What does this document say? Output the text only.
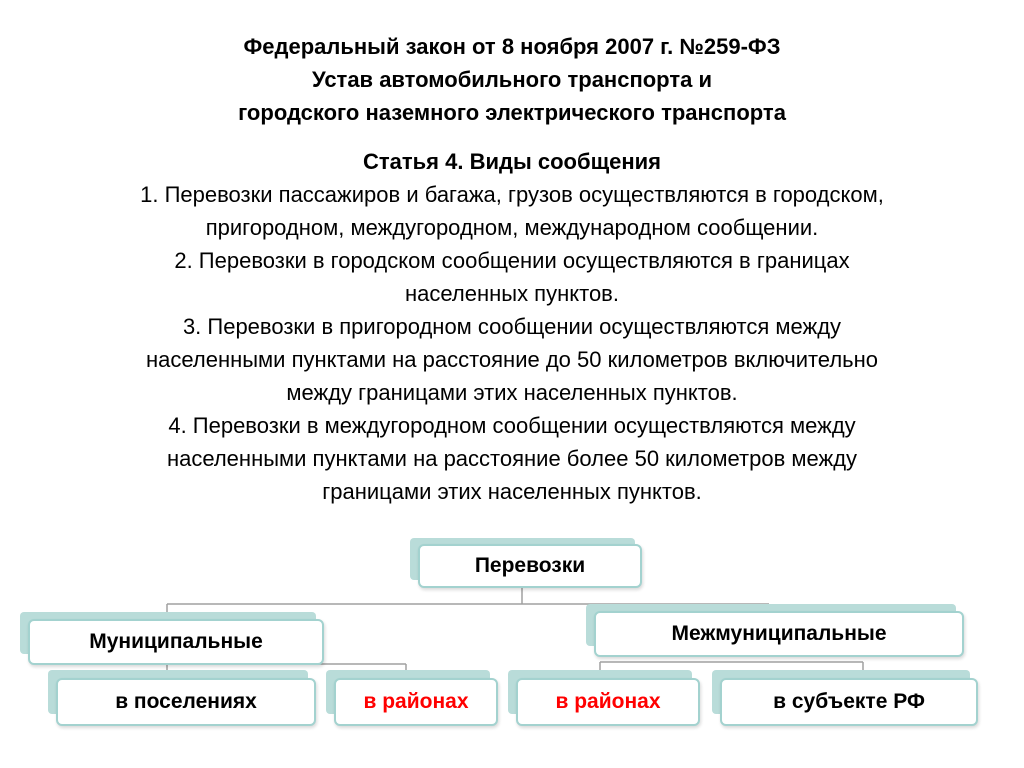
Федеральный закон от 8 ноября 2007 г. №259-ФЗ
Устав автомобильного транспорта и
городского наземного электрического транспорта
Статья 4. Виды сообщения
1. Перевозки пассажиров и багажа, грузов осуществляются в городском,
пригородном, междугородном, международном сообщении.
2. Перевозки в городском сообщении осуществляются в границах
населенных пунктов.
3. Перевозки в пригородном сообщении осуществляются между
населенными пунктами на расстояние до 50 километров включительно
между границами этих населенных пунктов.
4. Перевозки в междугородном сообщении осуществляются между
населенными пунктами на расстояние более 50 километров между
границами этих населенных пунктов.
Перевозки
Муниципальные	Межмуниципальные
в поселениях	в районах	в районах	в субъекте РФ
